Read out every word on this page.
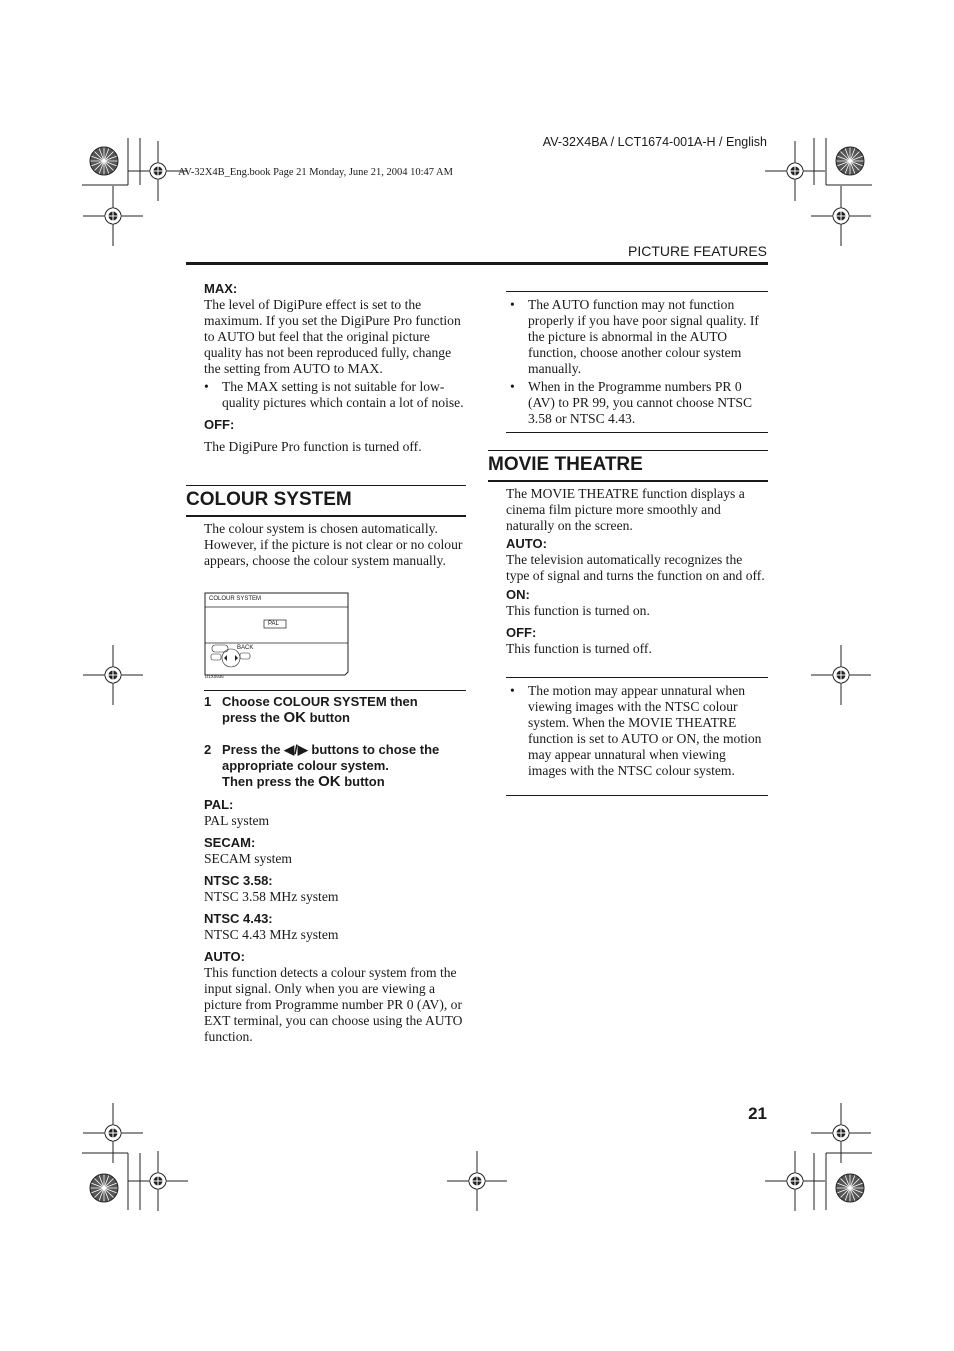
AV-32X4BA / LCT1674-001A-H / English
AV-32X4B_Eng.book Page 21 Monday, June 21, 2004 10:47 AM
PICTURE FEATURES
MAX:
The level of DigiPure effect is set to the maximum. If you set the DigiPure Pro function to AUTO but feel that the original picture quality has not been reproduced fully, change the setting from AUTO to MAX.
• The MAX setting is not suitable for low-quality pictures which contain a lot of noise.
OFF:
The DigiPure Pro function is turned off.
COLOUR SYSTEM
The colour system is chosen automatically. However, if the picture is not clear or no colour appears, choose the colour system manually.
COLOUR SYSTEM
PAL
BACK
D1X0936
1 Choose COLOUR SYSTEM then
press the OK button
2 Press the ◀/▶ buttons to chose the
appropriate colour system.
Then press the OK button
PAL:
PAL system
SECAM:
SECAM system
NTSC 3.58:
NTSC 3.58 MHz system
NTSC 4.43:
NTSC 4.43 MHz system
AUTO:
This function detects a colour system from the input signal. Only when you are viewing a picture from Programme number PR 0 (AV), or EXT terminal, you can choose using the AUTO function.
• The AUTO function may not function properly if you have poor signal quality. If the picture is abnormal in the AUTO function, choose another colour system manually.
• When in the Programme numbers PR 0 (AV) to PR 99, you cannot choose NTSC 3.58 or NTSC 4.43.
MOVIE THEATRE
The MOVIE THEATRE function displays a cinema film picture more smoothly and naturally on the screen.
AUTO:
The television automatically recognizes the type of signal and turns the function on and off.
ON:
This function is turned on.
OFF:
This function is turned off.
• The motion may appear unnatural when viewing images with the NTSC colour system. When the MOVIE THEATRE function is set to AUTO or ON, the motion may appear unnatural when viewing images with the NTSC colour system.
21
